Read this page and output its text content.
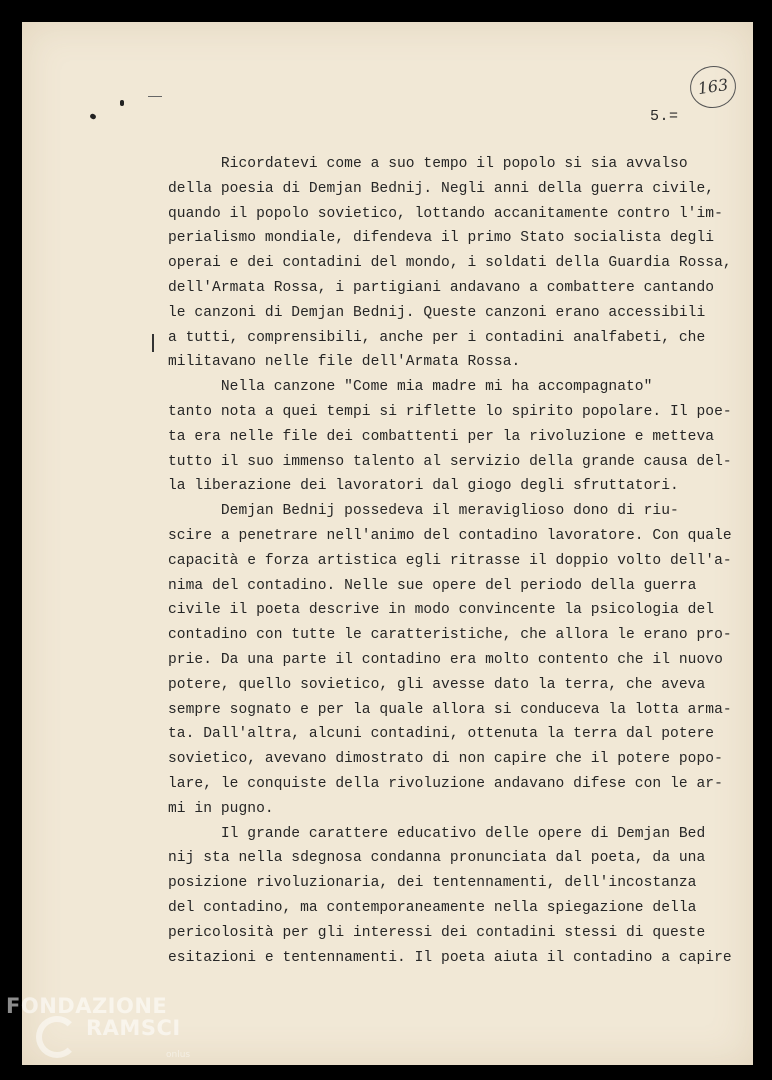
163
5.=
Ricordatevi come a suo tempo il popolo si sia avvalso
della poesia di Demjan Bednij. Negli anni della guerra civile,
quando il popolo sovietico, lottando accanitamente contro l'im-
perialismo mondiale, difendeva il primo Stato socialista degli
operai e dei contadini del mondo, i soldati della Guardia Rossa,
dell'Armata Rossa, i partigiani andavano a combattere cantando
le canzoni di Demjan Bednij. Queste canzoni erano accessibili
a tutti, comprensibili, anche per i contadini analfabeti, che
militavano nelle file dell'Armata Rossa.
Nella canzone "Come mia madre mi ha accompagnato"
tanto nota a quei tempi si riflette lo spirito popolare. Il poe-
ta era nelle file dei combattenti per la rivoluzione e metteva
tutto il suo immenso talento al servizio della grande causa del-
la liberazione dei lavoratori dal giogo degli sfruttatori.
Demjan Bednij possedeva il meraviglioso dono di riu-
scire a penetrare nell'animo del contadino lavoratore. Con quale
capacità e forza artistica egli ritrasse il doppio volto dell'a-
nima del contadino. Nelle sue opere del periodo della guerra
civile il poeta descrive in modo convincente la psicologia del
contadino con tutte le caratteristiche, che allora le erano pro-
prie. Da una parte il contadino era molto contento che il nuovo
potere, quello sovietico, gli avesse dato la terra, che aveva
sempre sognato e per la quale allora si conduceva la lotta arma-
ta. Dall'altra, alcuni contadini, ottenuta la terra dal potere
sovietico, avevano dimostrato di non capire che il potere popo-
lare, le conquiste della rivoluzione andavano difese con le ar-
mi in pugno.
Il grande carattere educativo delle opere di Demjan Bed
nij sta nella sdegnosa condanna pronunciata dal poeta, da una
posizione rivoluzionaria, dei tentennamenti, dell'incostanza
del contadino, ma contemporaneamente nella spiegazione della
pericolosità per gli interessi dei contadini stessi di queste
esitazioni e tentennamenti. Il poeta aiuta il contadino a capire
FONDAZIONE
RAMSCI
onlus
